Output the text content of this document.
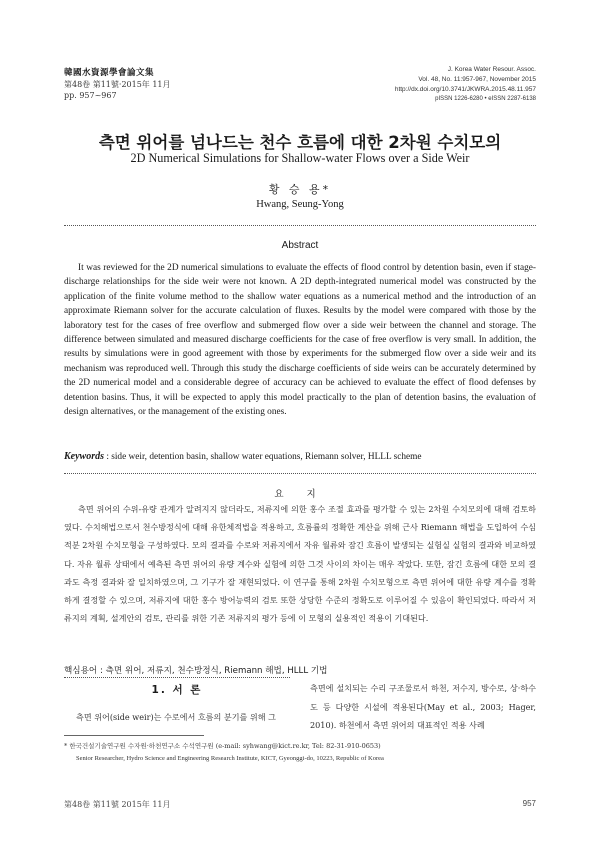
韓國水資源學會論文集
第48卷 第11號·2015年 11月
pp. 957~967
J. Korea Water Resour. Assoc.
Vol. 48, No. 11:957-967, November 2015
http://dx.doi.org/10.3741/JKWRA.2015.48.11.957
pISSN 1226-6280 • eISSN 2287-6138
측면 위어를 넘나드는 천수 흐름에 대한 2차원 수치모의
2D Numerical Simulations for Shallow-water Flows over a Side Weir
황 승 용*
Hwang, Seung-Yong
Abstract

It was reviewed for the 2D numerical simulations to evaluate the effects of flood control by detention basin, even if stage-discharge relationships for the side weir were not known. A 2D depth-integrated numerical model was constructed by the application of the finite volume method to the shallow water equations as a numerical method and the introduction of an approximate Riemann solver for the accurate calculation of fluxes. Results by the model were compared with those by the laboratory test for the cases of free overflow and submerged flow over a side weir between the channel and storage. The difference between simulated and measured discharge coefficients for the case of free overflow is very small. In addition, the results by simulations were in good agreement with those by experiments for the submerged flow over a side weir and its mechanism was reproduced well. Through this study the discharge coefficients of side weirs can be accurately determined by the 2D numerical model and a considerable degree of accuracy can be achieved to evaluate the effect of flood defenses by detention basins. Thus, it will be expected to apply this model practically to the plan of detention basins, the evaluation of design alternatives, or the management of the existing ones.

Keywords : side weir, detention basin, shallow water equations, Riemann solver, HLLL scheme
요 지

측면 위어의 수위-유량 관계가 알려지지 않더라도, 저류지에 의한 홍수 조절 효과를 평가할 수 있는 2차원 수치모의에 대해 검토하였다. 수치해법으로서 천수방정식에 대해 유한체적법을 적용하고, 흐름률의 정확한 계산을 위해 근사 Riemann 해법을 도입하여 수심적분 2차원 수치모형을 구성하였다. 모의 결과를 수로와 저류지에서 자유 월류와 잠긴 흐름이 발생되는 실험실 실험의 결과와 비교하였다. 자유 월류 상태에서 예측된 측면 위어의 유량 계수와 실험에 의한 그것 사이의 차이는 매우 작았다. 또한, 잠긴 흐름에 대한 모의 결과도 측정 결과와 잘 일치하였으며, 그 기구가 잘 재현되었다. 이 연구를 통해 2차원 수치모형으로 측면 위어에 대한 유량 계수를 정확하게 결정할 수 있으며, 저류지에 대한 홍수 방어능력의 검토 또한 상당한 수준의 정확도로 이루어질 수 있음이 확인되었다. 따라서 저류지의 계획, 설계안의 검토, 관리를 위한 기존 저류지의 평가 등에 이 모형의 실용적인 적용이 기대된다.

핵심용어 : 측면 위어, 저류지, 천수방정식, Riemann 해법, HLLL 기법
1. 서 론
측면 위어(side weir)는 수로에서 흐름의 분기를 위해 그

측면에 설치되는 수리 구조물로서 하천, 저수지, 방수로, 상·하수도 등 다양한 시설에 적용된다(May et al., 2003; Hager, 2010). 하천에서 측면 위어의 대표적인 적용 사례

* 한국건설기술연구원 수자원·하천연구소 수석연구원 (e-mail: syhwang@kict.re.kr, Tel: 82-31-910-0653)
Senior Researcher, Hydro Science and Engineering Research Institute, KICT, Gyeonggi-do, 10223, Republic of Korea
第48卷 第11號 2015年 11月	957
